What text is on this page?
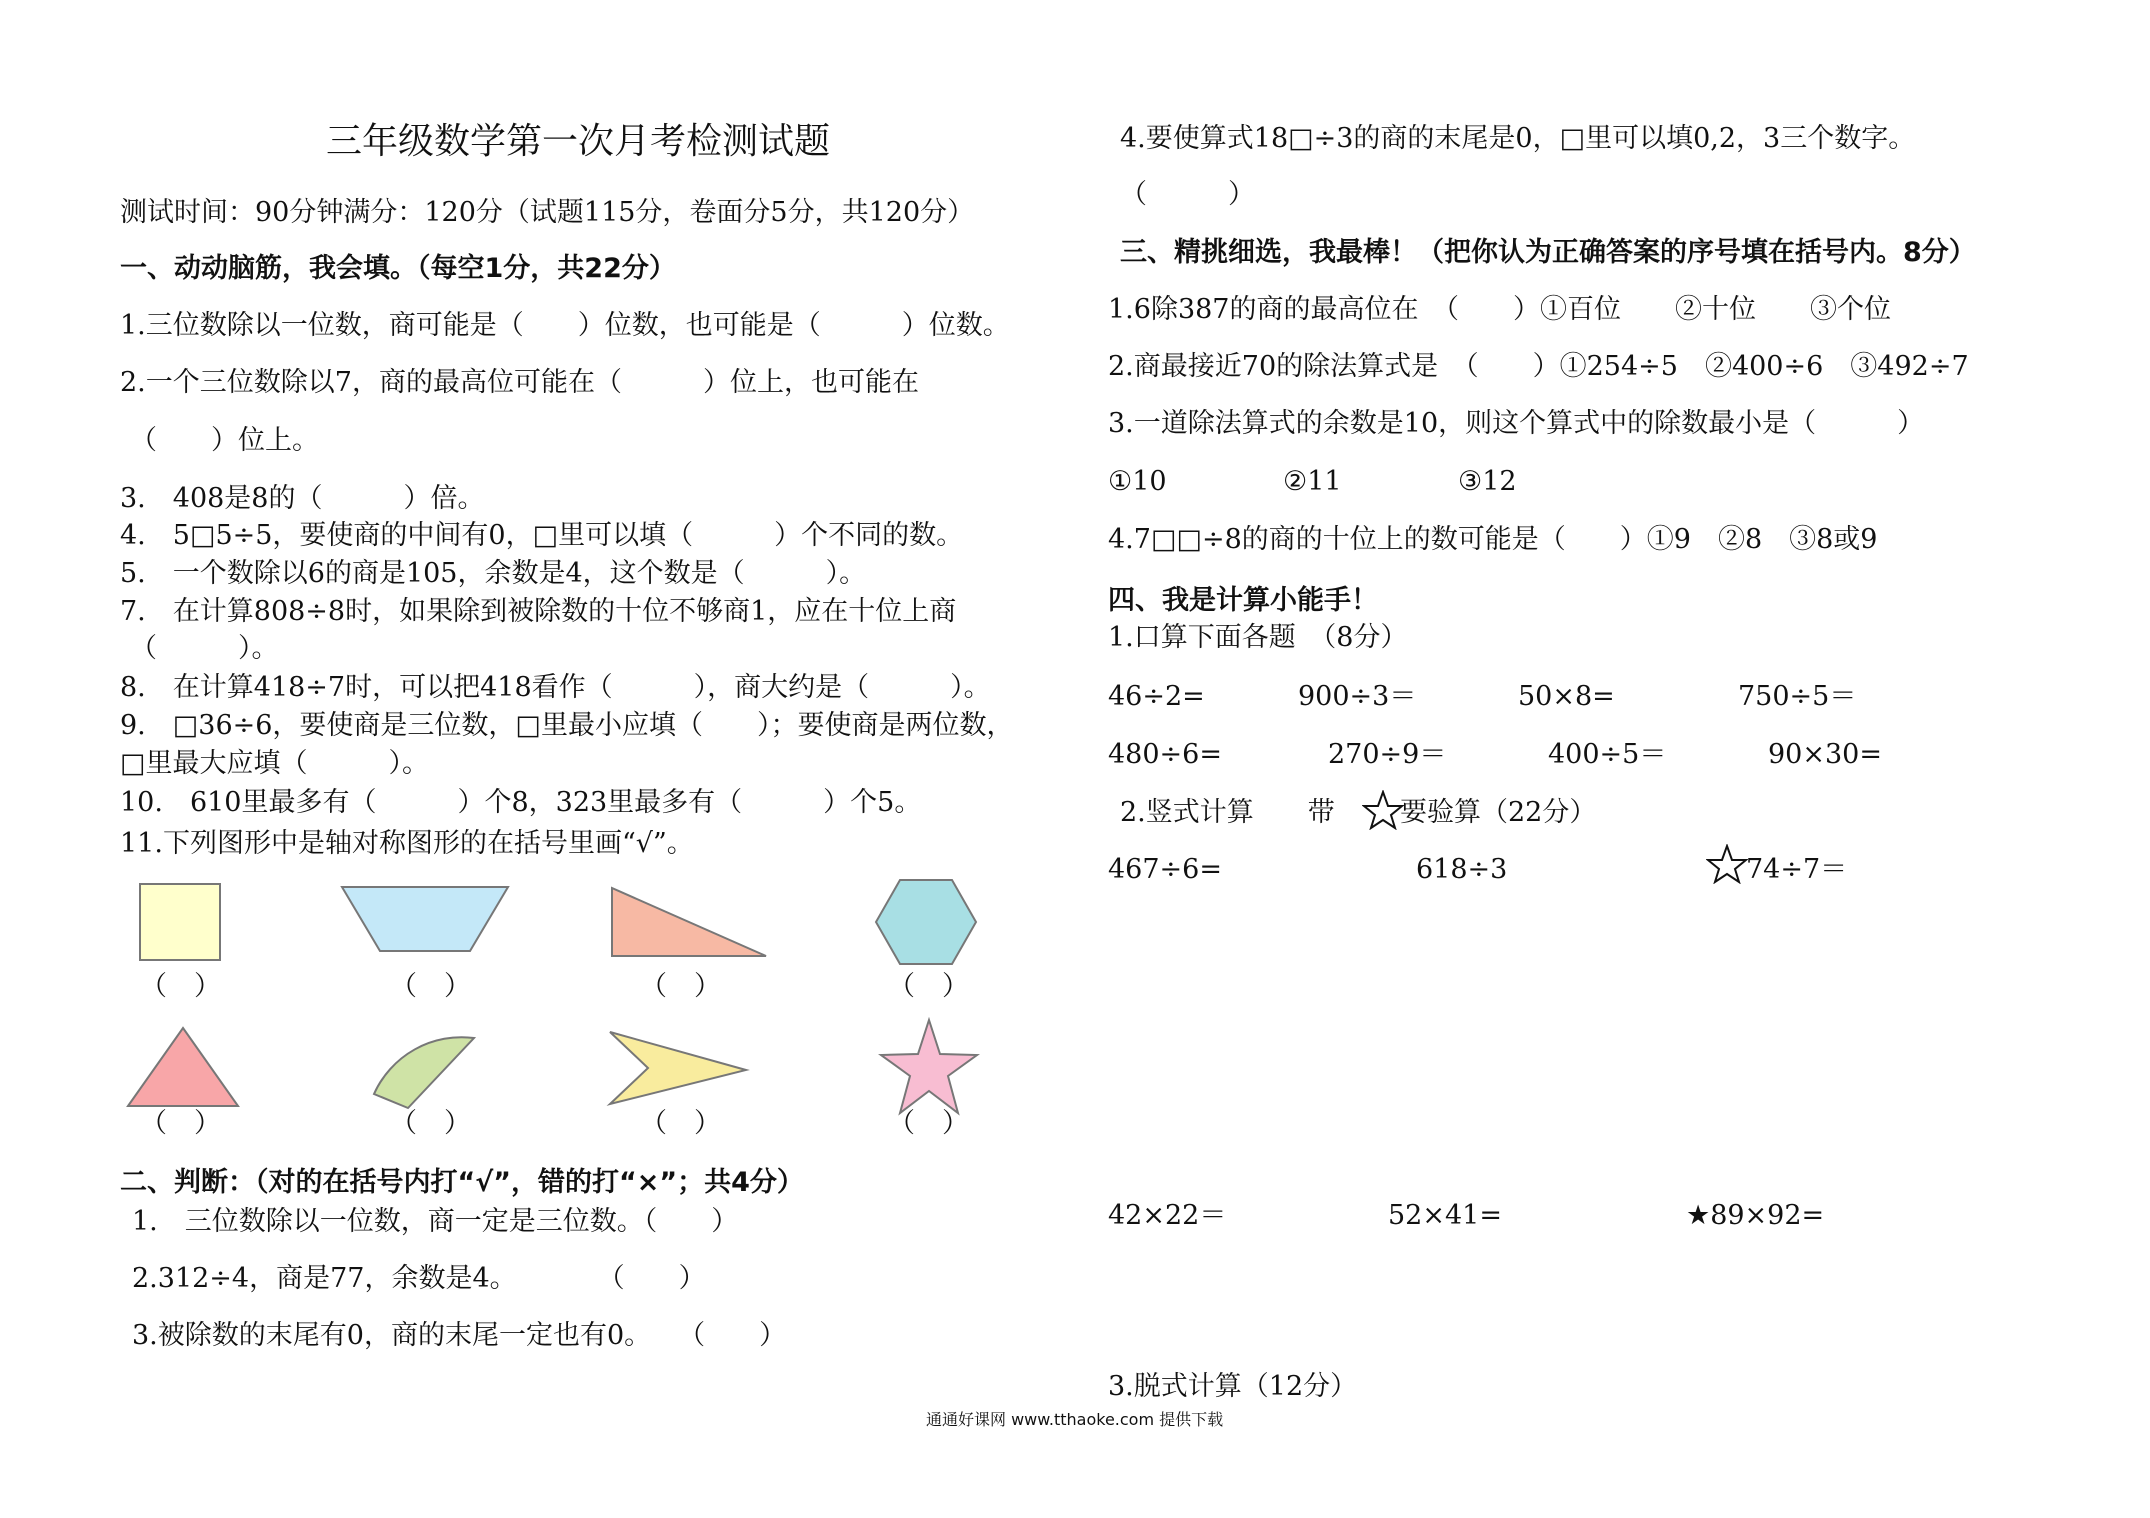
三年级数学第一次月考检测试题
测试时间：90分钟满分：120分（试题115分，卷面分5分，共120分）
一、动动脑筋，我会填。（每空1分，共22分）
1.三位数除以一位数，商可能是（　　）位数，也可能是（　　　）位数。
2.一个三位数除以7，商的最高位可能在（　　　）位上，也可能在
（　　）位上。
3.　408是8的（　　　）倍。
4.　5□5÷5，要使商的中间有0，□里可以填（　　　）个不同的数。
5.　一个数除以6的商是105，余数是4，这个数是（　　　）。
7.　在计算808÷8时，如果除到被除数的十位不够商1，应在十位上商
（　　　）。
8.　在计算418÷7时，可以把418看作（　　　），商大约是（　　　）。
9.　□36÷6，要使商是三位数，□里最小应填（　　）；要使商是两位数，
□里最大应填（　　　）。
10.　610里最多有（　　　）个8，323里最多有（　　　）个5。
11.下列图形中是轴对称图形的在括号里画“√”。
（　）	（　）	（　）	（　）
（　）	（　）	（　）	（　）
二、判断：（对的在括号内打“√”，错的打“×”；共4分）
1.　三位数除以一位数，商一定是三位数。（　　）
2.312÷4，商是77，余数是4。　　　　（　　）
3.被除数的末尾有0，商的末尾一定也有0。　　（　　）
4.要使算式18□÷3的商的末尾是0，□里可以填0,2，3三个数字。
（　　　）
三、精挑细选，我最棒！（把你认为正确答案的序号填在括号内。8分）
1.6除387的商的最高位在　（　　）①百位　　②十位　　③个位
2.商最接近70的除法算式是　（　　）①254÷5　②400÷6　③492÷7
3.一道除法算式的余数是10，则这个算式中的除数最小是（　　　）
①10	②11	③12
4.7□□÷8的商的十位上的数可能是（　　）①9　②8　③8或9
四、我是计算小能手！
1.口算下面各题　（8分）
46÷2=	900÷3＝	50×8=	750÷5＝
480÷6=	270÷9＝	400÷5＝	90×30=
2.竖式计算　　带 要验算（22分）
467÷6=	618÷3	74÷7＝
42×22＝	52×41=	★89×92=
3.脱式计算（12分）
通通好课网 www.tthaoke.com 提供下载
